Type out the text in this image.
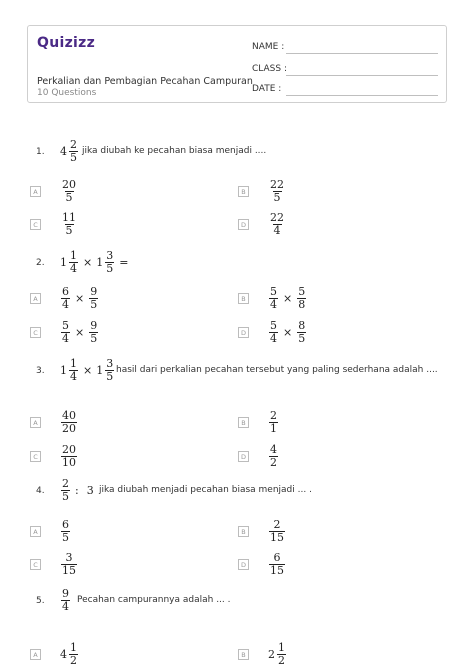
Quizizz
Perkalian dan Pembagian Pecahan Campuran
10 Questions
NAME :
CLASS :
DATE :
1. $4 \frac{2}{5}$ jika diubah ke pecahan biasa menjadi ....
A $\frac{20}{5}$	B $\frac{22}{5}$
C $\frac{11}{5}$	D $\frac{22}{4}$
2. $1 \frac{1}{4} \times 1 \frac{3}{5}$ =
A $\frac{6}{4} \times \frac{9}{5}$	B $\frac{5}{4} \times \frac{5}{8}$
C $\frac{5}{4} \times \frac{9}{5}$	D $\frac{5}{4} \times \frac{8}{5}$
3. $1 \frac{1}{4} \times 1 \frac{3}{5}$ hasil dari perkalian pecahan tersebut yang paling sederhana adalah ....
A $\frac{40}{20}$	B $\frac{2}{1}$
C $\frac{20}{10}$	D $\frac{4}{2}$
4. $\frac{2}{5}$ : 3 jika diubah menjadi pecahan biasa menjadi ... .
A $\frac{6}{5}$	B $\frac{2}{15}$
C $\frac{3}{15}$	D $\frac{6}{15}$
5. $\frac{9}{4}$ Pecahan campurannya adalah ... .
A $4 \frac{1}{2}$	B $2 \frac{1}{2}$
